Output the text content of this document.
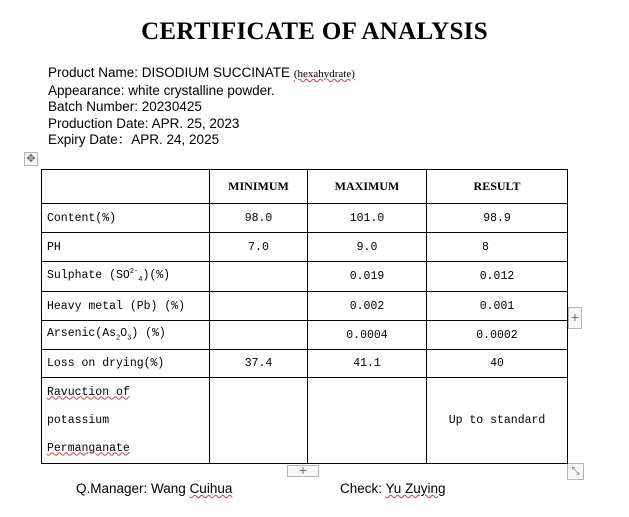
CERTIFICATE OF ANALYSIS
Product Name: DISODIUM SUCCINATE (hexahydrate)
Appearance: white crystalline powder.
Batch Number: 20230425
Production Date: APR. 25, 2023
Expiry Date：APR. 24, 2025
✥
+
+	⤡
	MINIMUM	MAXIMUM	RESULT
Content(%)	98.0	101.0	98.9
PH	7.0	9.0	8
Sulphate $(SO^{2-}_4)(\%)$		0.019	0.012
Heavy metal (Pb) (%)		0.002	0.001
$Arsenic(As_2O_3)$ (%)		0.0004	0.0002
Loss on drying(%)	37.4	41.1	40

Ravuction of
potassium
Permanganate			Up to standard
Q.Manager: Wang Cuihua	Check: Yu Zuying
